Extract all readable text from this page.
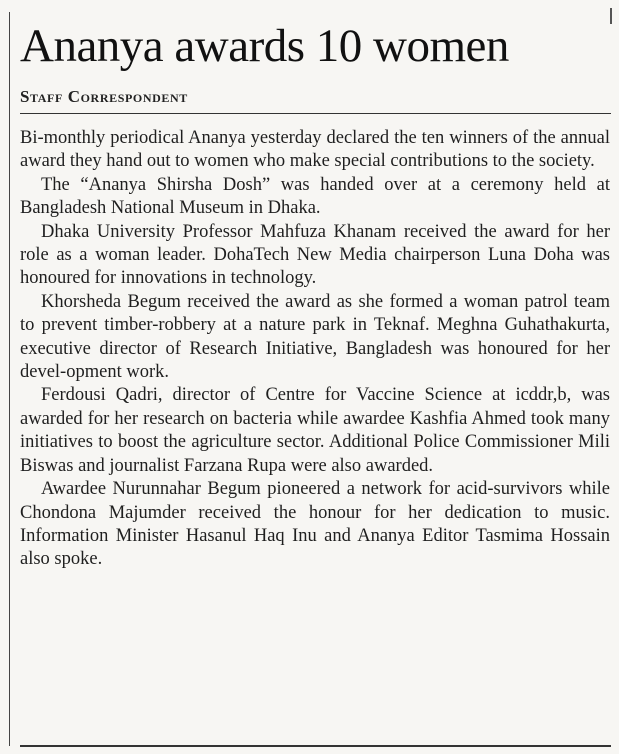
Ananya awards 10 women

Staff Correspondent

Bi-monthly periodical Ananya yesterday declared the ten winners of the annual award they hand out to women who make special contributions to the society.

The “Ananya Shirsha Dosh” was handed over at a ceremony held at Bangladesh National Museum in Dhaka.

Dhaka University Professor Mahfuza Khanam received the award for her role as a woman leader. DohaTech New Media chairperson Luna Doha was honoured for innovations in technology.

Khorsheda Begum received the award as she formed a woman patrol team to prevent timber-robbery at a nature park in Teknaf. Meghna Guhathakurta, executive director of Research Initiative, Bangladesh was honoured for her devel-opment work.

Ferdousi Qadri, director of Centre for Vaccine Science at icddr,b, was awarded for her research on bacteria while awardee Kashfia Ahmed took many initiatives to boost the agriculture sector. Additional Police Commissioner Mili Biswas and journalist Farzana Rupa were also awarded.

Awardee Nurunnahar Begum pioneered a network for acid-survivors while Chondona Majumder received the honour for her dedication to music. Information Minister Hasanul Haq Inu and Ananya Editor Tasmima Hossain also spoke.
